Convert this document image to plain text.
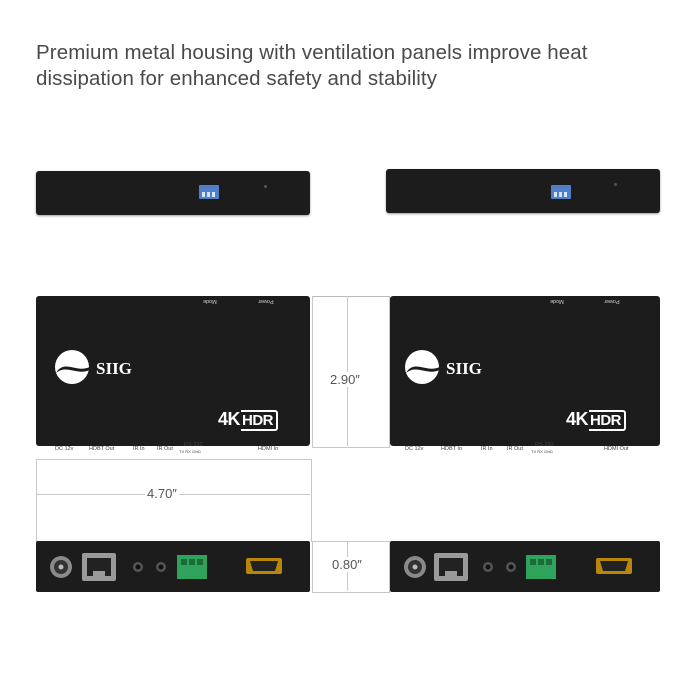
Premium metal housing with ventilation panels improve heat dissipation for enhanced safety and stability
2.90″
4.70″
0.80″
Mode	Power
SIIG
4K HDR
DC 12v	HDBT Out	IR In IR Out
RS-232
TX RX GND	HDMI In
Mode	Power
SIIG
4K HDR
DC 12v	HDBT In	IR In	IR Out
RS-232
TX RX GND	HDMI Out
